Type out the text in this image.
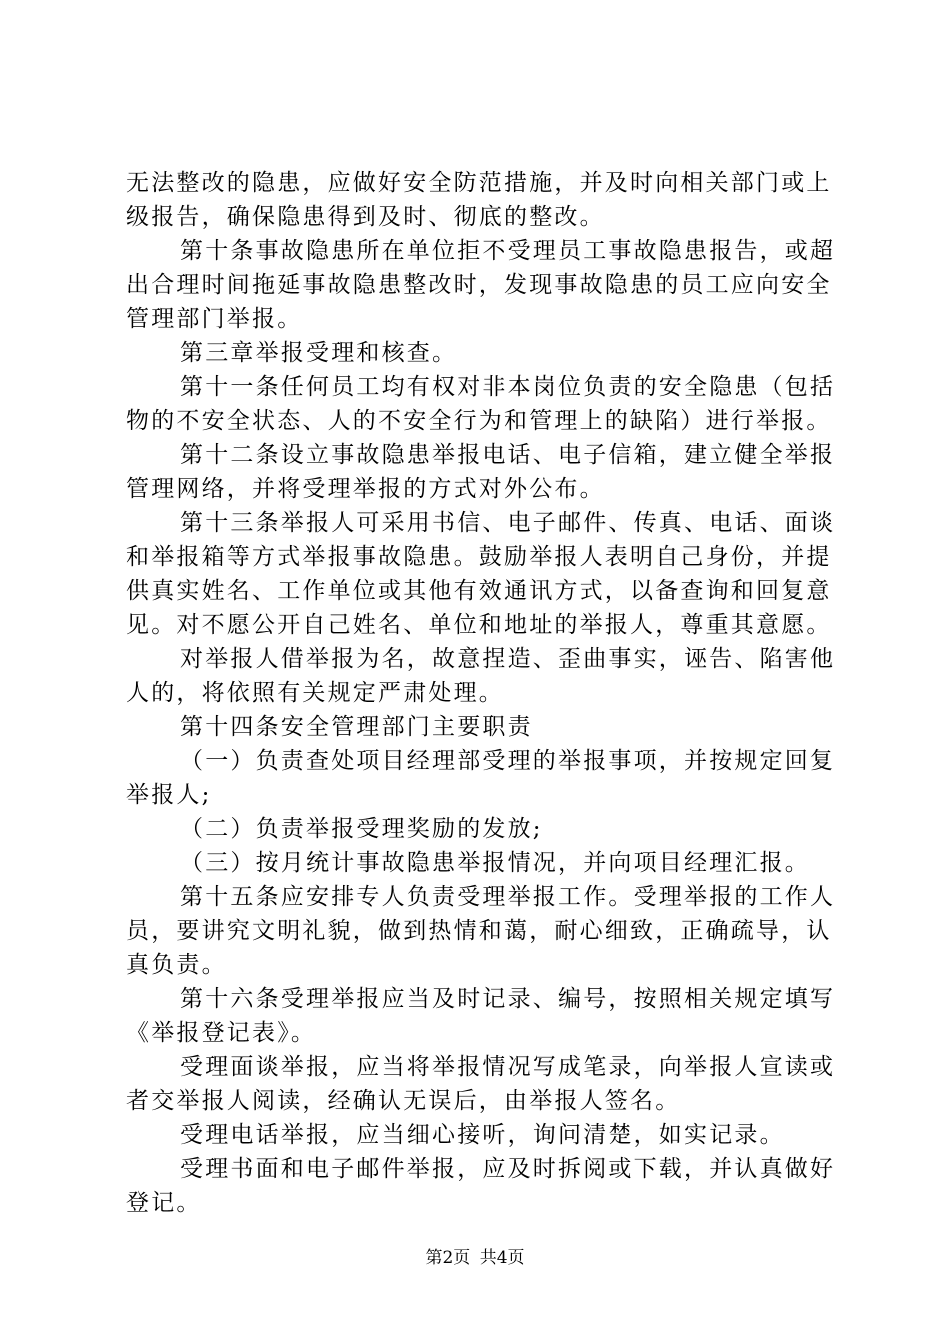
无法整改的隐患，应做好安全防范措施，并及时向相关部门或上级报告，确保隐患得到及时、彻底的整改。

第十条事故隐患所在单位拒不受理员工事故隐患报告，或超出合理时间拖延事故隐患整改时，发现事故隐患的员工应向安全管理部门举报。

第三章举报受理和核查。

第十一条任何员工均有权对非本岗位负责的安全隐患（包括物的不安全状态、人的不安全行为和管理上的缺陷）进行举报。

第十二条设立事故隐患举报电话、电子信箱，建立健全举报管理网络，并将受理举报的方式对外公布。

第十三条举报人可采用书信、电子邮件、传真、电话、面谈和举报箱等方式举报事故隐患。鼓励举报人表明自己身份，并提供真实姓名、工作单位或其他有效通讯方式，以备查询和回复意见。对不愿公开自己姓名、单位和地址的举报人，尊重其意愿。

对举报人借举报为名，故意捏造、歪曲事实，诬告、陷害他人的，将依照有关规定严肃处理。

第十四条安全管理部门主要职责

（一）负责查处项目经理部受理的举报事项，并按规定回复举报人;

（二）负责举报受理奖励的发放;

（三）按月统计事故隐患举报情况，并向项目经理汇报。

第十五条应安排专人负责受理举报工作。受理举报的工作人员，要讲究文明礼貌，做到热情和蔼，耐心细致，正确疏导，认真负责。

第十六条受理举报应当及时记录、编号，按照相关规定填写《举报登记表》。

受理面谈举报，应当将举报情况写成笔录，向举报人宣读或者交举报人阅读，经确认无误后，由举报人签名。

受理电话举报，应当细心接听，询问清楚，如实记录。

受理书面和电子邮件举报，应及时拆阅或下载，并认真做好登记。

第2页 共4页
